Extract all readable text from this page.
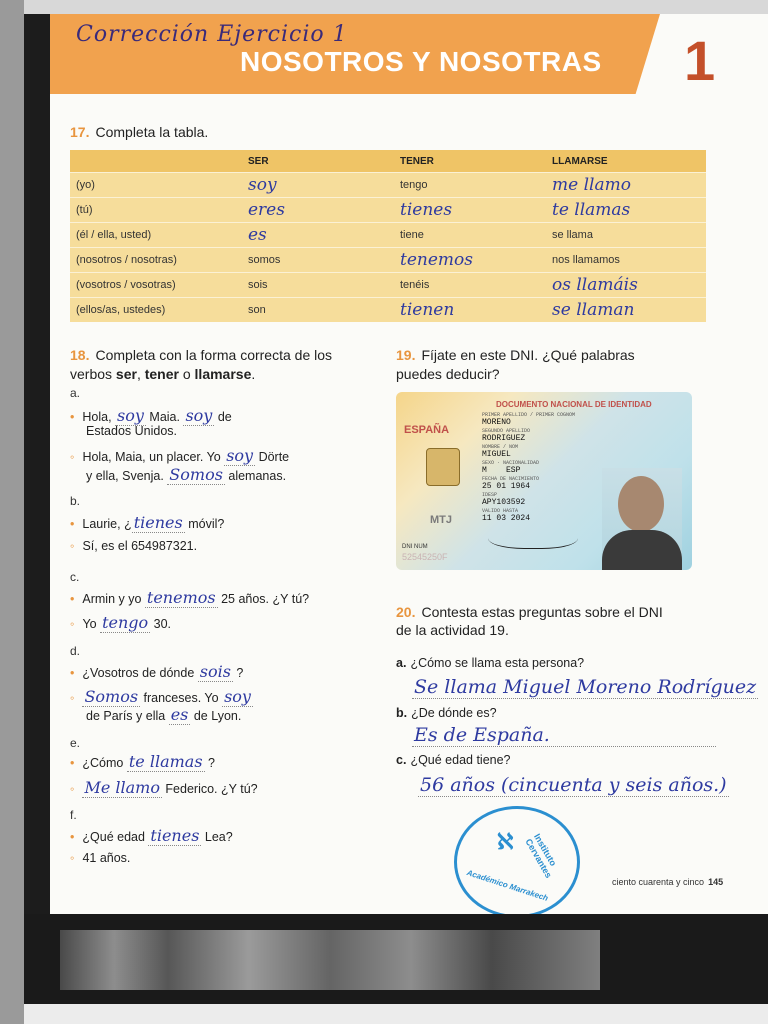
Corrección Ejercicio 1
NOSOTROS Y NOSOTRAS 1
17. Completa la tabla.
	SER	TENER	LLAMARSE
(yo)	soy	tengo	me llamo
(tú)	eres	tienes	te llamas
(él / ella, usted)	es	tiene	se llama
(nosotros / nosotras)	somos	tenemos	nos llamamos
(vosotros / vosotras)	sois	tenéis	os llamáis
(ellos/as, ustedes)	son	tienen	se llaman
18. Completa con la forma correcta de los
verbos ser, tener o llamarse.
a.
• Hola, soy Maia. soy de
Estados Unidos.
◦ Hola, Maia, un placer. Yo soy Dörte
y ella, Svenja. Somos alemanas.
b.
• Laurie, ¿ tienes móvil?
◦ Sí, es el 654987321.
c.
• Armin y yo tenemos 25 años. ¿Y tú?
◦ Yo tengo 30.
d.
• ¿Vosotros de dónde sois ?
◦ Somos franceses. Yo soy
de París y ella es de Lyon.
e.
• ¿Cómo te llamas ?
◦ Me llamo Federico. ¿Y tú?
f.
• ¿Qué edad tienes Lea?
◦ 41 años.
19. Fíjate en este DNI. ¿Qué palabras
puedes deducir?
DOCUMENTO NACIONAL DE IDENTIDAD
ESPAÑA
PRIMER APELLIDO / PRIMER COGNOM
MORENO
SEGUNDO APELLIDO
RODRIGUEZ
NOMBRE / NOM
MIGUEL
SEXO · NACIONALIDAD
M    ESP
FECHA DE NACIMIENTO
25 01 1964
IDESP
APY103592
VALIDO HASTA
11 03 2024
MTJ
DNI NUM
52545250F
20. Contesta estas preguntas sobre el DNI
de la actividad 19.
a. ¿Cómo se llama esta persona?
Se llama Miguel Moreno Rodríguez
b. ¿De dónde es?
Es de España.
c. ¿Qué edad tiene?
56 años (cincuenta y seis años.)
ℵ	Instituto Cervantes
Académico Marrakech	ciento cuarenta y cinco 145
